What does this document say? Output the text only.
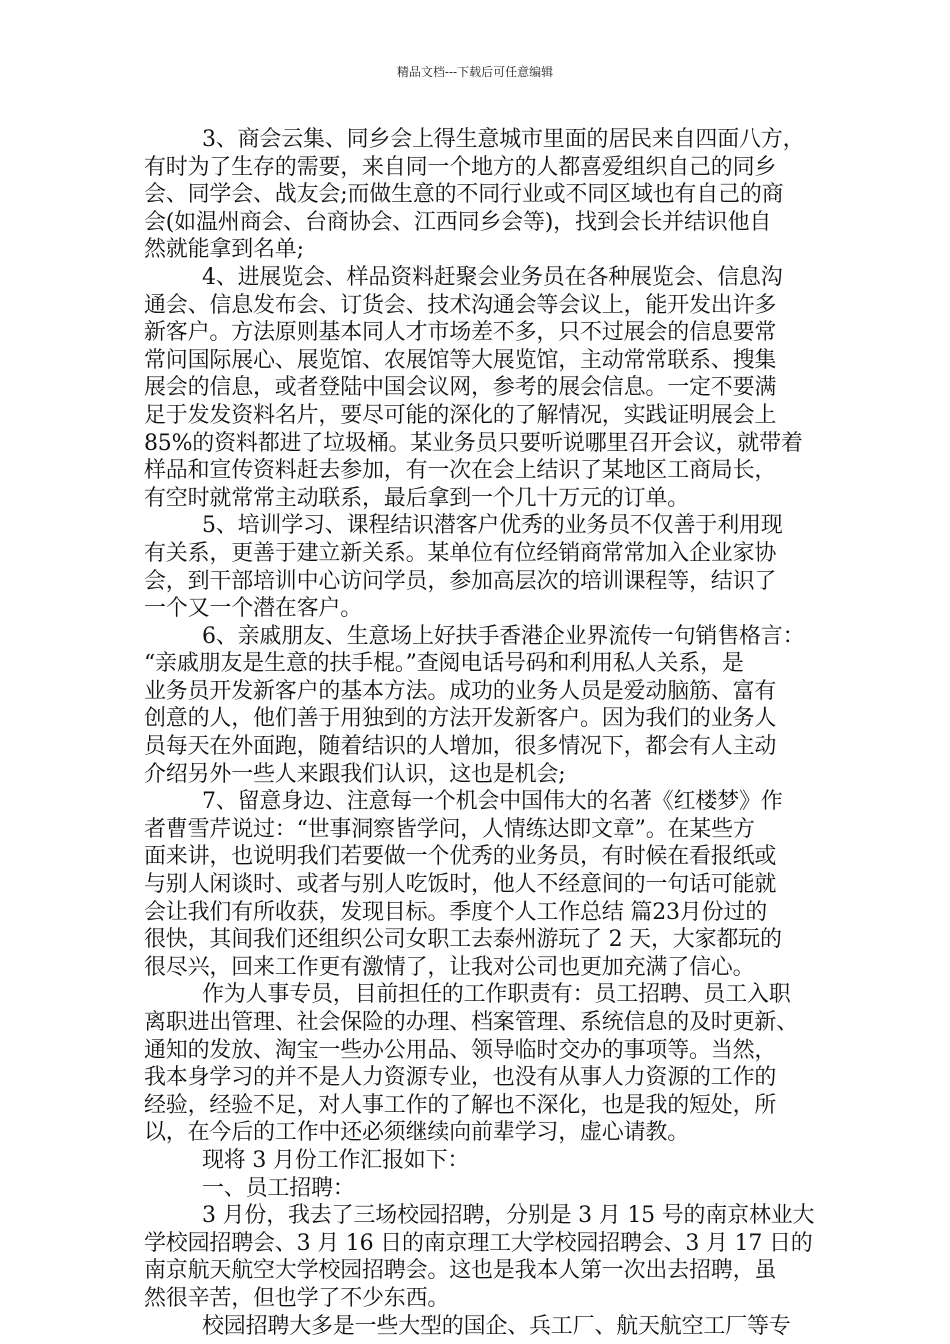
精品文档---下载后可任意编辑
3、商会云集、同乡会上得生意城市里面的居民来自四面八方，
有时为了生存的需要，来自同一个地方的人都喜爱组织自己的同乡
会、同学会、战友会;而做生意的不同行业或不同区域也有自己的商
会(如温州商会、台商协会、江西同乡会等)，找到会长并结识他自
然就能拿到名单;
4、进展览会、样品资料赶聚会业务员在各种展览会、信息沟
通会、信息发布会、订货会、技术沟通会等会议上，能开发出许多
新客户。方法原则基本同人才市场差不多，只不过展会的信息要常
常问国际展心、展览馆、农展馆等大展览馆，主动常常联系、搜集
展会的信息，或者登陆中国会议网，参考的展会信息。一定不要满
足于发发资料名片，要尽可能的深化的了解情况，实践证明展会上
85%的资料都进了垃圾桶。某业务员只要听说哪里召开会议，就带着
样品和宣传资料赶去参加，有一次在会上结识了某地区工商局长，
有空时就常常主动联系，最后拿到一个几十万元的订单。
5、培训学习、课程结识潜客户优秀的业务员不仅善于利用现
有关系，更善于建立新关系。某单位有位经销商常常加入企业家协
会，到干部培训中心访问学员，参加高层次的培训课程等，结识了
一个又一个潜在客户。
6、亲戚朋友、生意场上好扶手香港企业界流传一句销售格言：
“亲戚朋友是生意的扶手棍。”查阅电话号码和利用私人关系，是
业务员开发新客户的基本方法。成功的业务人员是爱动脑筋、富有
创意的人，他们善于用独到的方法开发新客户。因为我们的业务人
员每天在外面跑，随着结识的人增加，很多情况下，都会有人主动
介绍另外一些人来跟我们认识，这也是机会;
7、留意身边、注意每一个机会中国伟大的名著《红楼梦》作
者曹雪芹说过：“世事洞察皆学问，人情练达即文章”。在某些方
面来讲，也说明我们若要做一个优秀的业务员，有时候在看报纸或
与别人闲谈时、或者与别人吃饭时，他人不经意间的一句话可能就
会让我们有所收获，发现目标。季度个人工作总结 篇23月份过的
很快，其间我们还组织公司女职工去泰州游玩了 2 天，大家都玩的
很尽兴，回来工作更有激情了，让我对公司也更加充满了信心。
作为人事专员，目前担任的工作职责有：员工招聘、员工入职
离职进出管理、社会保险的办理、档案管理、系统信息的及时更新、
通知的发放、淘宝一些办公用品、领导临时交办的事项等。当然，
我本身学习的并不是人力资源专业，也没有从事人力资源的工作的
经验，经验不足，对人事工作的了解也不深化，也是我的短处，所
以，在今后的工作中还必须继续向前辈学习，虚心请教。
现将 3 月份工作汇报如下：
一、员工招聘：
3 月份，我去了三场校园招聘，分别是 3 月 15 号的南京林业大
学校园招聘会、3 月 16 日的南京理工大学校园招聘会、3 月 17 日的
南京航天航空大学校园招聘会。这也是我本人第一次出去招聘，虽
然很辛苦，但也学了不少东西。
校园招聘大多是一些大型的国企、兵工厂、航天航空工厂等专
